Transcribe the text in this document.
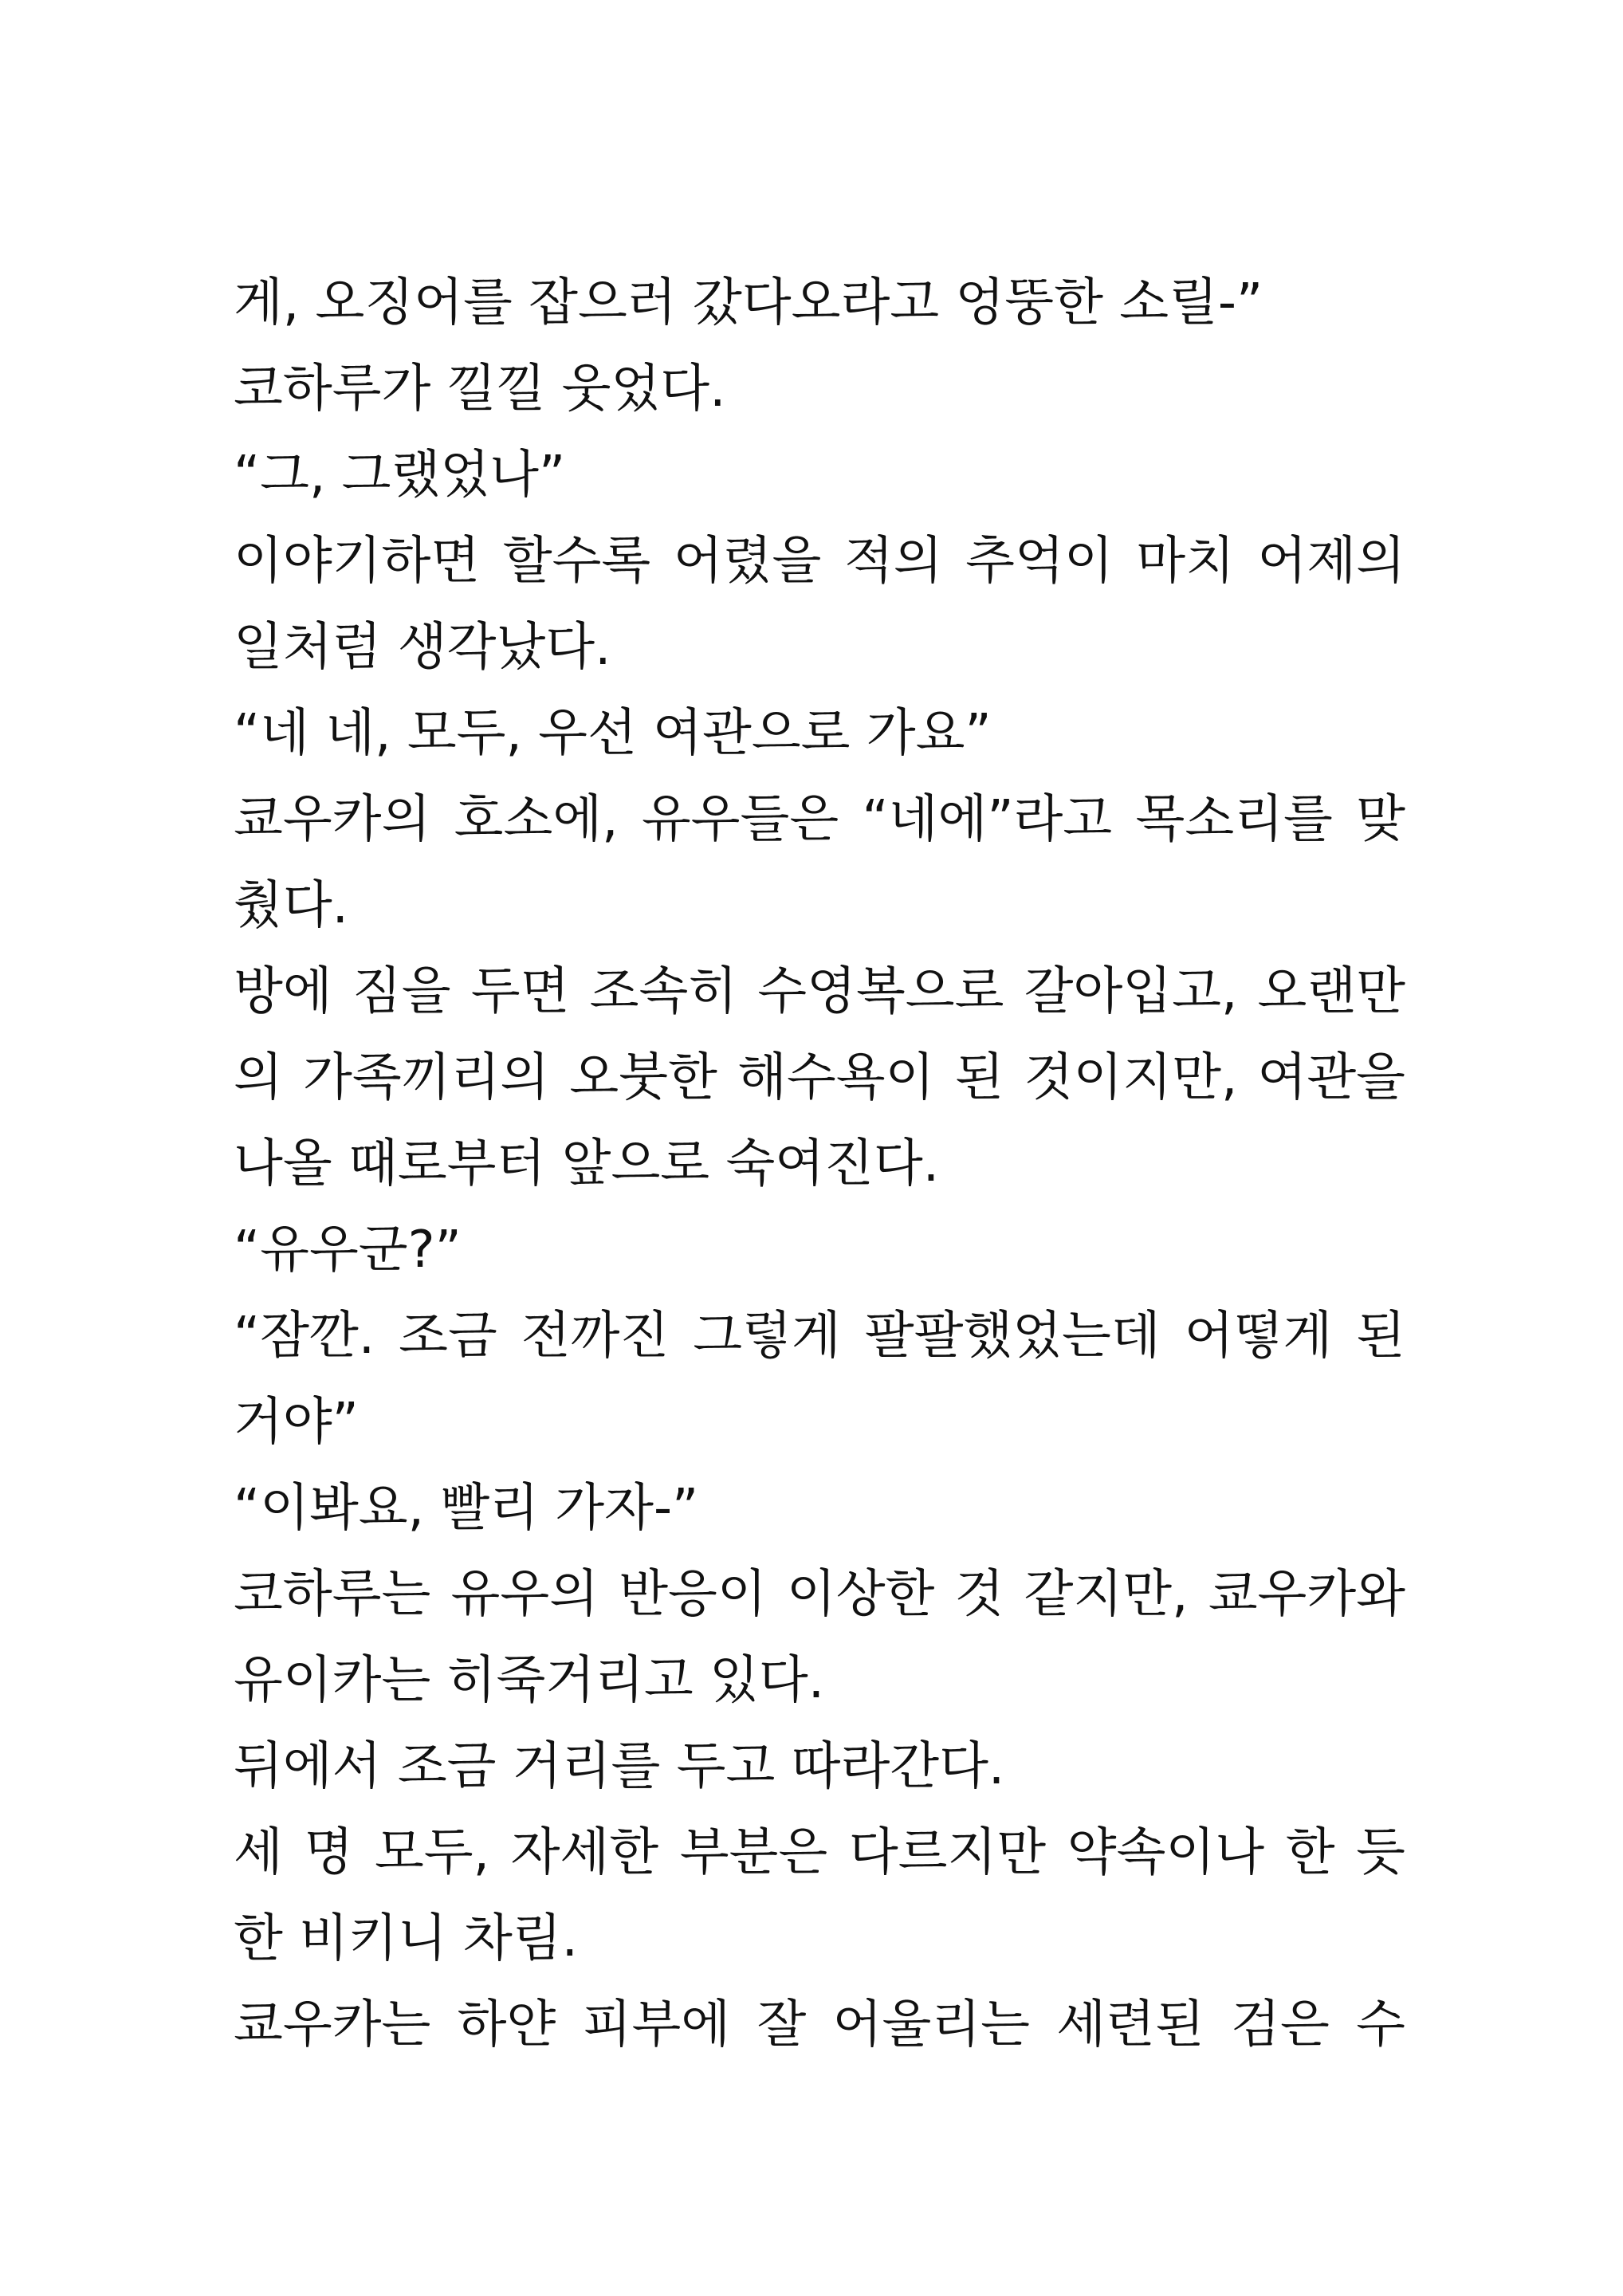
게, 오징어를 잡으러 갔다오라고 엉뚱한 소릴-”
코하루가 낄낄 웃었다.
“그, 그랬었나”
이야기하면 할수록 어렸을 적의 추억이 마치 어제의
일처럼 생각났다.
“네 네, 모두, 우선 여관으로 가요”
쿄우카의 호소에, 유우들은 “네에”라고 목소리를 맞
췄다.
방에 짐을 두면 조속히 수영복으로 갈아입고, 오랜만
의 가족끼리의 오붓한 해수욕이 된 것이지만, 여관을
나올 때로부터 앞으로 숙여진다.
“유우군?”
“잠깐. 조금 전까진 그렇게 팔팔했었는데 어떻게 된
거야”
“이봐요, 빨리 가자-”
코하루는 유우의 반응이 이상한 것 같지만, 쿄우카와
유이카는 히죽거리고 있다.
뒤에서 조금 거리를 두고 따라간다.
세 명 모두, 자세한 부분은 다르지만 약속이나 한 듯
한 비키니 차림.
쿄우카는 하얀 피부에 잘 어울리는 세련된 검은 수
